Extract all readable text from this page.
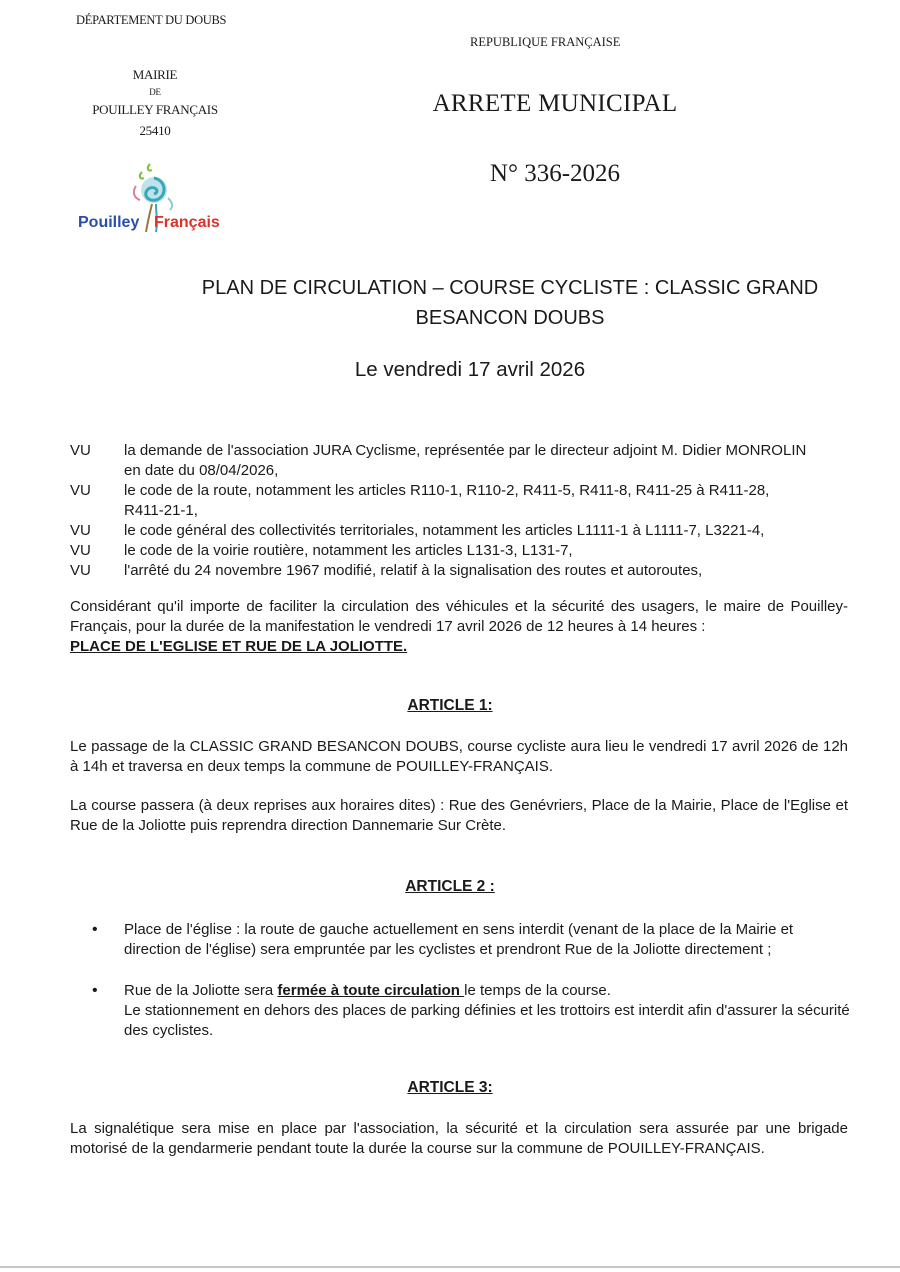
DÉPARTEMENT DU DOUBS
MAIRIE
DE
POUILLEY FRANÇAIS
25410
Pouilley Français
REPUBLIQUE FRANÇAISE
ARRETE MUNICIPAL
N° 336-2026
PLAN DE CIRCULATION – COURSE CYCLISTE : CLASSIC GRAND
BESANCON DOUBS
Le vendredi 17 avril 2026
VU	la demande de l'association JURA Cyclisme, représentée par le directeur adjoint M. Didier MONROLIN
en date du 08/04/2026,
VU	le code de la route, notamment les articles R110-1, R110-2, R411-5, R411-8, R411-25 à R411-28,
R411-21-1,
VU	le code général des collectivités territoriales, notamment les articles L1111-1 à L1111-7, L3221-4,
VU	le code de la voirie routière, notamment les articles L131-3, L131-7,
VU	l'arrêté du 24 novembre 1967 modifié, relatif à la signalisation des routes et autoroutes,
Considérant qu'il importe de faciliter la circulation des véhicules et la sécurité des usagers, le maire de Pouilley-Français, pour la durée de la manifestation le vendredi 17 avril 2026 de 12 heures à 14 heures :
PLACE DE L'EGLISE ET RUE DE LA JOLIOTTE.
ARTICLE 1:
Le passage de la CLASSIC GRAND BESANCON DOUBS, course cycliste aura lieu le vendredi 17 avril 2026 de 12h à 14h et traversa en deux temps la commune de POUILLEY-FRANÇAIS.
La course passera (à deux reprises aux horaires dites) : Rue des Genévriers, Place de la Mairie, Place de l'Eglise et Rue de la Joliotte puis reprendra direction Dannemarie Sur Crète.
ARTICLE 2 :
•	Place de l'église : la route de gauche actuellement en sens interdit (venant de la place de la Mairie et direction de l'église) sera empruntée par les cyclistes et prendront Rue de la Joliotte directement ;
•	Rue de la Joliotte sera fermée à toute circulation le temps de la course.
Le stationnement en dehors des places de parking définies et les trottoirs est interdit afin d'assurer la sécurité des cyclistes.
ARTICLE 3:
La signalétique sera mise en place par l'association, la sécurité et la circulation sera assurée par une brigade motorisé de la gendarmerie pendant toute la durée la course sur la commune de POUILLEY-FRANÇAIS.
